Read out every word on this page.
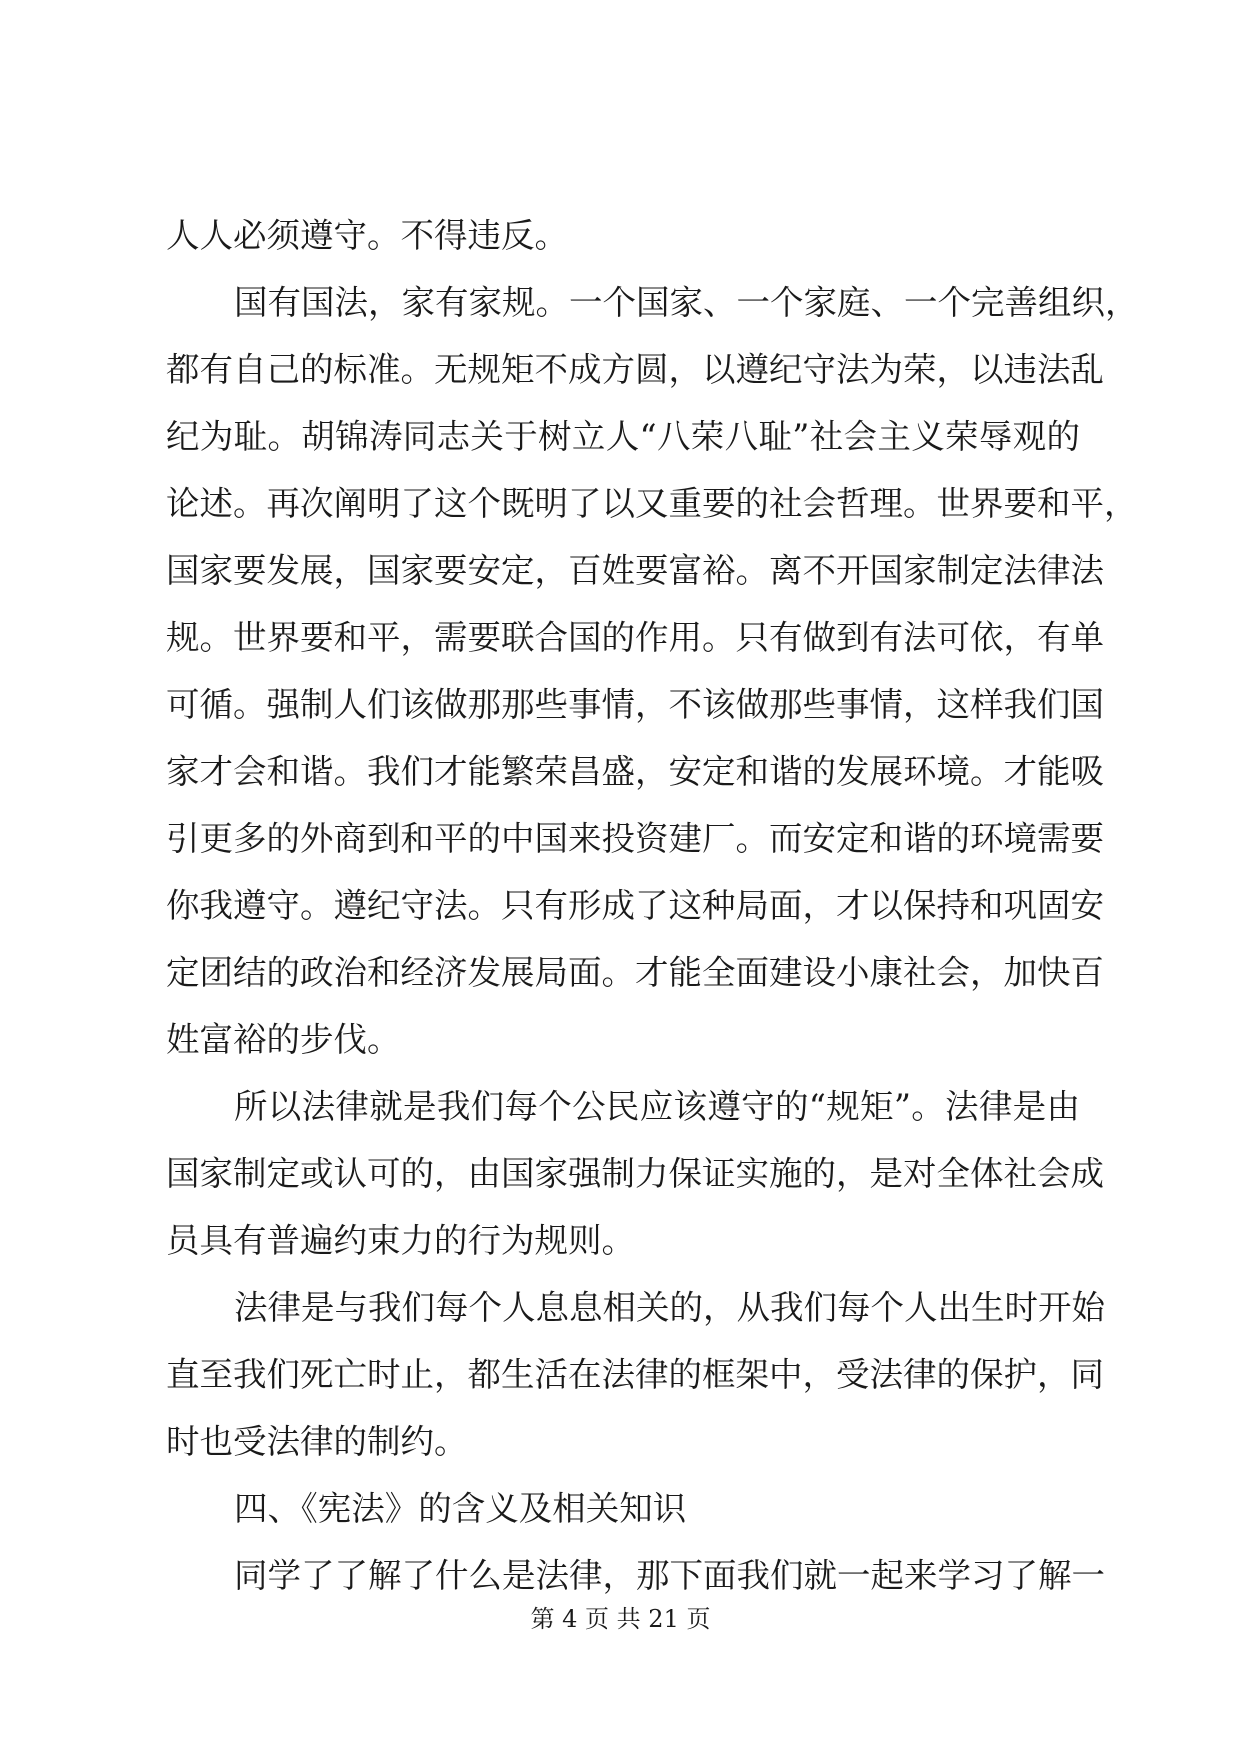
人人必须遵守。不得违反。
国有国法，家有家规。一个国家、一个家庭、一个完善组织，
都有自己的标准。无规矩不成方圆，以遵纪守法为荣，以违法乱
纪为耻。胡锦涛同志关于树立人“八荣八耻”社会主义荣辱观的
论述。再次阐明了这个既明了以又重要的社会哲理。世界要和平，
国家要发展，国家要安定，百姓要富裕。离不开国家制定法律法
规。世界要和平，需要联合国的作用。只有做到有法可依，有单
可循。强制人们该做那那些事情，不该做那些事情，这样我们国
家才会和谐。我们才能繁荣昌盛，安定和谐的发展环境。才能吸
引更多的外商到和平的中国来投资建厂。而安定和谐的环境需要
你我遵守。遵纪守法。只有形成了这种局面，才以保持和巩固安
定团结的政治和经济发展局面。才能全面建设小康社会，加快百
姓富裕的步伐。
所以法律就是我们每个公民应该遵守的“规矩”。法律是由
国家制定或认可的，由国家强制力保证实施的，是对全体社会成
员具有普遍约束力的行为规则。
法律是与我们每个人息息相关的，从我们每个人出生时开始
直至我们死亡时止，都生活在法律的框架中，受法律的保护，同
时也受法律的制约。
四、《宪法》的含义及相关知识
同学了了解了什么是法律，那下面我们就一起来学习了解一
第 4 页 共 21 页
